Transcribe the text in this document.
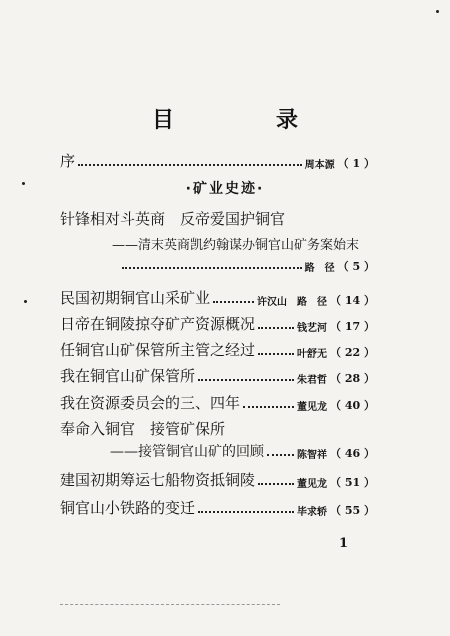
目　录
序	周本源 （ 1 ）
·矿业史迹·
针锋相对斗英商　反帝爱国护铜官
——清末英商凯约翰谋办铜官山矿务案始末
路　径 （ 5 ）
民国初期铜官山采矿业	许汉山　路　径 （ 14 ）
日帝在铜陵掠夺矿产资源概况	钱艺河 （ 17 ）
任铜官山矿保管所主管之经过	叶舒无 （ 22 ）
我在铜官山矿保管所	朱君哲 （ 28 ）
我在资源委员会的三、四年	董见龙 （ 40 ）
奉命入铜官　接管矿保所
——接管铜官山矿的回顾	陈智祥 （ 46 ）
建国初期筹运七船物资抵铜陵	董见龙 （ 51 ）
铜官山小铁路的变迁	毕求轿 （ 55 ）
1
